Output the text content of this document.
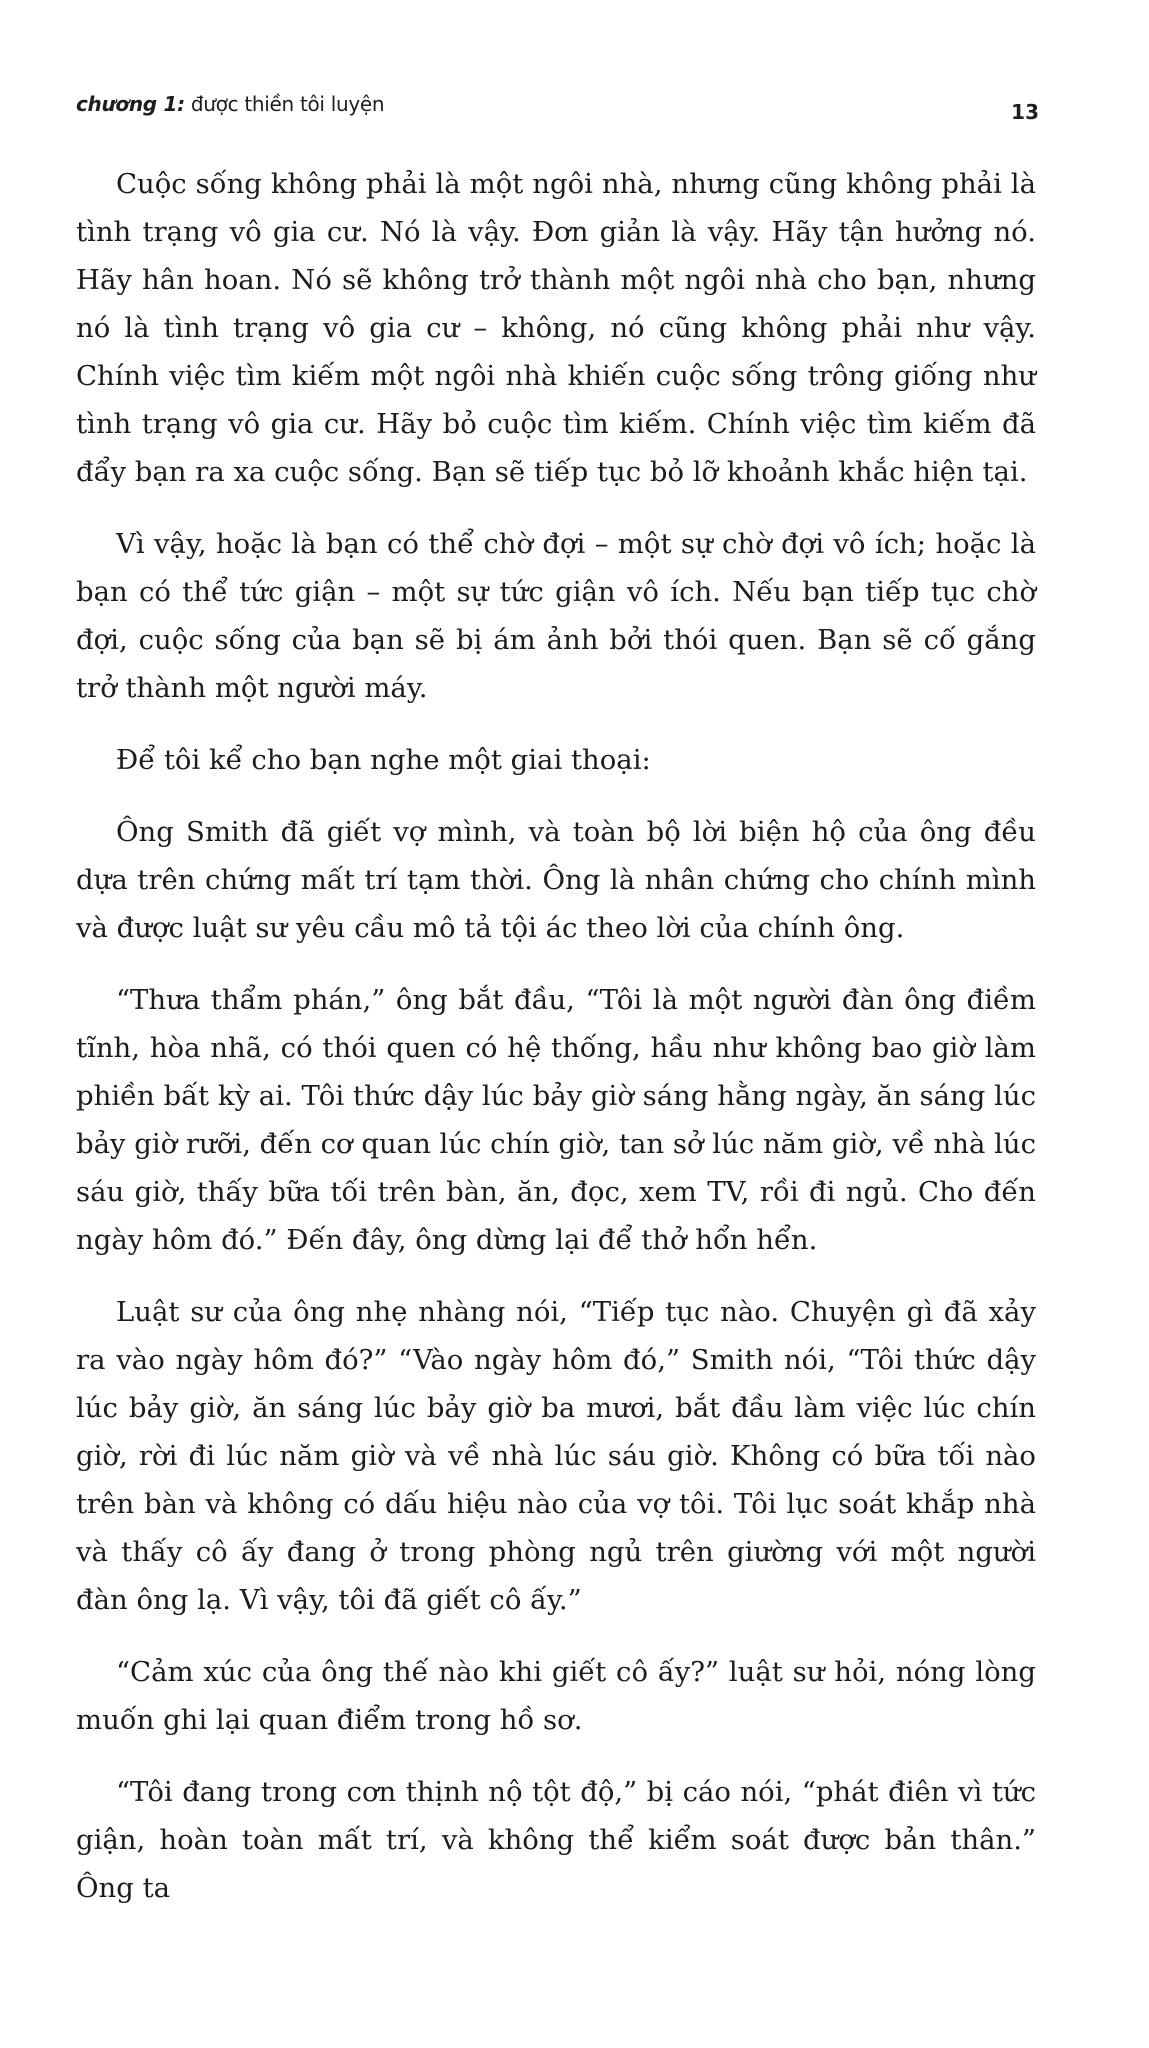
chương 1: được thiền tôi luyện	13

Cuộc sống không phải là một ngôi nhà, nhưng cũng không phải là tình trạng vô gia cư. Nó là vậy. Đơn giản là vậy. Hãy tận hưởng nó. Hãy hân hoan. Nó sẽ không trở thành một ngôi nhà cho bạn, nhưng nó là tình trạng vô gia cư – không, nó cũng không phải như vậy. Chính việc tìm kiếm một ngôi nhà khiến cuộc sống trông giống như tình trạng vô gia cư. Hãy bỏ cuộc tìm kiếm. Chính việc tìm kiếm đã đẩy bạn ra xa cuộc sống. Bạn sẽ tiếp tục bỏ lỡ khoảnh khắc hiện tại.

Vì vậy, hoặc là bạn có thể chờ đợi – một sự chờ đợi vô ích; hoặc là bạn có thể tức giận – một sự tức giận vô ích. Nếu bạn tiếp tục chờ đợi, cuộc sống của bạn sẽ bị ám ảnh bởi thói quen. Bạn sẽ cố gắng trở thành một người máy.

Để tôi kể cho bạn nghe một giai thoại:

Ông Smith đã giết vợ mình, và toàn bộ lời biện hộ của ông đều dựa trên chứng mất trí tạm thời. Ông là nhân chứng cho chính mình và được luật sư yêu cầu mô tả tội ác theo lời của chính ông.

“Thưa thẩm phán,” ông bắt đầu, “Tôi là một người đàn ông điềm tĩnh, hòa nhã, có thói quen có hệ thống, hầu như không bao giờ làm phiền bất kỳ ai. Tôi thức dậy lúc bảy giờ sáng hằng ngày, ăn sáng lúc bảy giờ rưỡi, đến cơ quan lúc chín giờ, tan sở lúc năm giờ, về nhà lúc sáu giờ, thấy bữa tối trên bàn, ăn, đọc, xem TV, rồi đi ngủ. Cho đến ngày hôm đó.” Đến đây, ông dừng lại để thở hổn hển.

Luật sư của ông nhẹ nhàng nói, “Tiếp tục nào. Chuyện gì đã xảy ra vào ngày hôm đó?” “Vào ngày hôm đó,” Smith nói, “Tôi thức dậy lúc bảy giờ, ăn sáng lúc bảy giờ ba mươi, bắt đầu làm việc lúc chín giờ, rời đi lúc năm giờ và về nhà lúc sáu giờ. Không có bữa tối nào trên bàn và không có dấu hiệu nào của vợ tôi. Tôi lục soát khắp nhà và thấy cô ấy đang ở trong phòng ngủ trên giường với một người đàn ông lạ. Vì vậy, tôi đã giết cô ấy.”

“Cảm xúc của ông thế nào khi giết cô ấy?” luật sư hỏi, nóng lòng muốn ghi lại quan điểm trong hồ sơ.

“Tôi đang trong cơn thịnh nộ tột độ,” bị cáo nói, “phát điên vì tức giận, hoàn toàn mất trí, và không thể kiểm soát được bản thân.” Ông ta
